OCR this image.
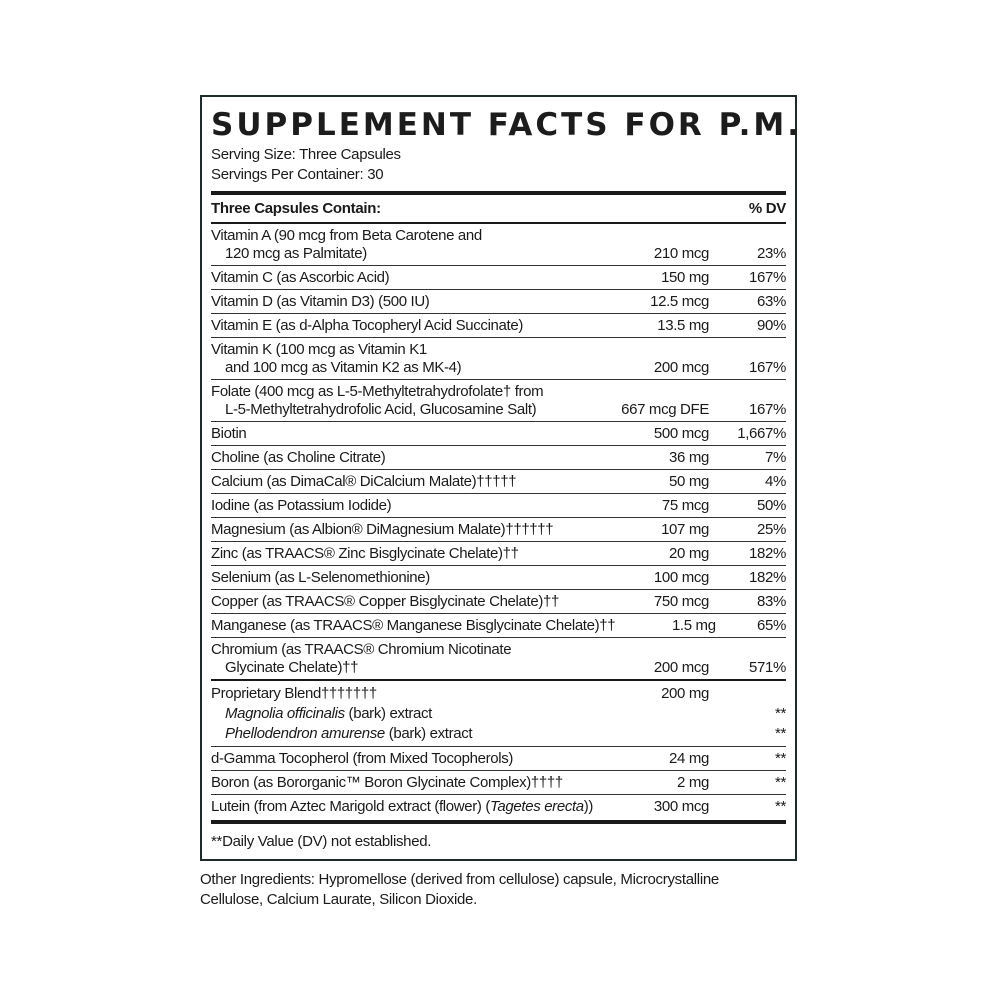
SUPPLEMENT FACTS FOR P.M.
Serving Size: Three Capsules
Servings Per Container: 30
Three Capsules Contain:	% DV
Vitamin A (90 mcg from Beta Carotene and
120 mcg as Palmitate)	210 mcg	23%
Vitamin C (as Ascorbic Acid)	150 mg	167%
Vitamin D (as Vitamin D3) (500 IU)	12.5 mcg	63%
Vitamin E (as d-Alpha Tocopheryl Acid Succinate)	13.5 mg	90%
Vitamin K (100 mcg as Vitamin K1
and 100 mcg as Vitamin K2 as MK-4)	200 mcg	167%
Folate (400 mcg as L-5-Methyltetrahydrofolate† from
L-5-Methyltetrahydrofolic Acid, Glucosamine Salt)	667 mcg DFE	167%
Biotin	500 mcg	1,667%
Choline (as Choline Citrate)	36 mg	7%
Calcium (as DimaCal® DiCalcium Malate)†††††	50 mg	4%
Iodine (as Potassium Iodide)	75 mcg	50%
Magnesium (as Albion® DiMagnesium Malate)††††††	107 mg	25%
Zinc (as TRAACS® Zinc Bisglycinate Chelate)††	20 mg	182%
Selenium (as L-Selenomethionine)	100 mcg	182%
Copper (as TRAACS® Copper Bisglycinate Chelate)††	750 mcg	83%
Manganese (as TRAACS® Manganese Bisglycinate Chelate)††	1.5 mg	65%
Chromium (as TRAACS® Chromium Nicotinate
Glycinate Chelate)††	200 mcg	571%
Proprietary Blend†††††††	200 mg
Magnolia officinalis (bark) extract	**
Phellodendron amurense (bark) extract	**
d-Gamma Tocopherol (from Mixed Tocopherols)	24 mg	**
Boron (as Bororganic™ Boron Glycinate Complex)††††	2 mg	**
Lutein (from Aztec Marigold extract (flower) (Tagetes erecta))	300 mcg	**
**Daily Value (DV) not established.
Other Ingredients: Hypromellose (derived from cellulose) capsule, Microcrystalline Cellulose, Calcium Laurate, Silicon Dioxide.
